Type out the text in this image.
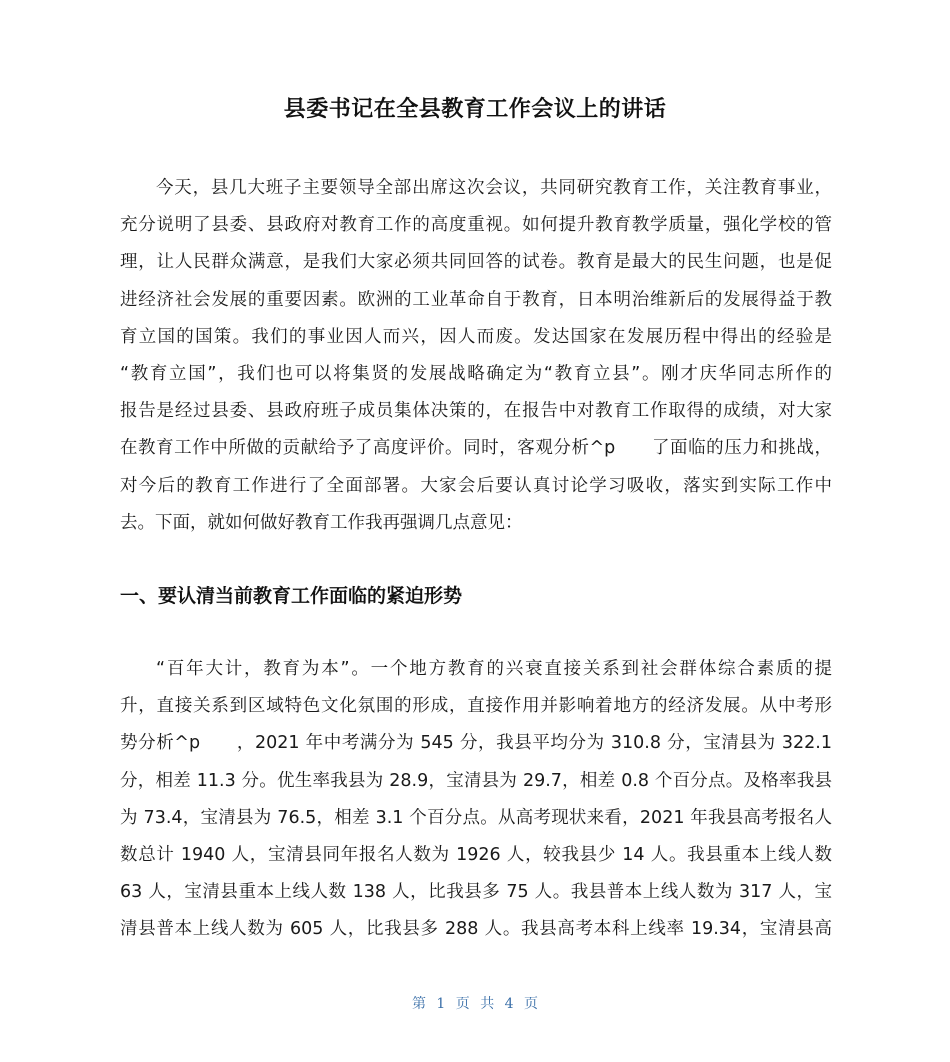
县委书记在全县教育工作会议上的讲话
今天，县几大班子主要领导全部出席这次会议，共同研究教育工作，关注教育事业，
充分说明了县委、县政府对教育工作的高度重视。如何提升教育教学质量，强化学校的管
理，让人民群众满意，是我们大家必须共同回答的试卷。教育是最大的民生问题，也是促
进经济社会发展的重要因素。欧洲的工业革命自于教育，日本明治维新后的发展得益于教
育立国的国策。我们的事业因人而兴，因人而废。发达国家在发展历程中得出的经验是
“教育立国”，我们也可以将集贤的发展战略确定为“教育立县”。刚才庆华同志所作的
报告是经过县委、县政府班子成员集体决策的，在报告中对教育工作取得的成绩，对大家
在教育工作中所做的贡献给予了高度评价。同时，客观分析^p　　了面临的压力和挑战，
对今后的教育工作进行了全面部署。大家会后要认真讨论学习吸收，落实到实际工作中
去。下面，就如何做好教育工作我再强调几点意见：
一、要认清当前教育工作面临的紧迫形势
“百年大计，教育为本”。一个地方教育的兴衰直接关系到社会群体综合素质的提
升，直接关系到区域特色文化氛围的形成，直接作用并影响着地方的经济发展。从中考形
势分析^p　　，2021 年中考满分为 545 分，我县平均分为 310.8 分，宝清县为 322.1
分，相差 11.3 分。优生率我县为 28.9，宝清县为 29.7，相差 0.8 个百分点。及格率我县
为 73.4，宝清县为 76.5，相差 3.1 个百分点。从高考现状来看，2021 年我县高考报名人
数总计 1940 人，宝清县同年报名人数为 1926 人，较我县少 14 人。我县重本上线人数
63 人，宝清县重本上线人数 138 人，比我县多 75 人。我县普本上线人数为 317 人，宝
清县普本上线人数为 605 人，比我县多 288 人。我县高考本科上线率 19.34，宝清县高
第 1 页 共 4 页
